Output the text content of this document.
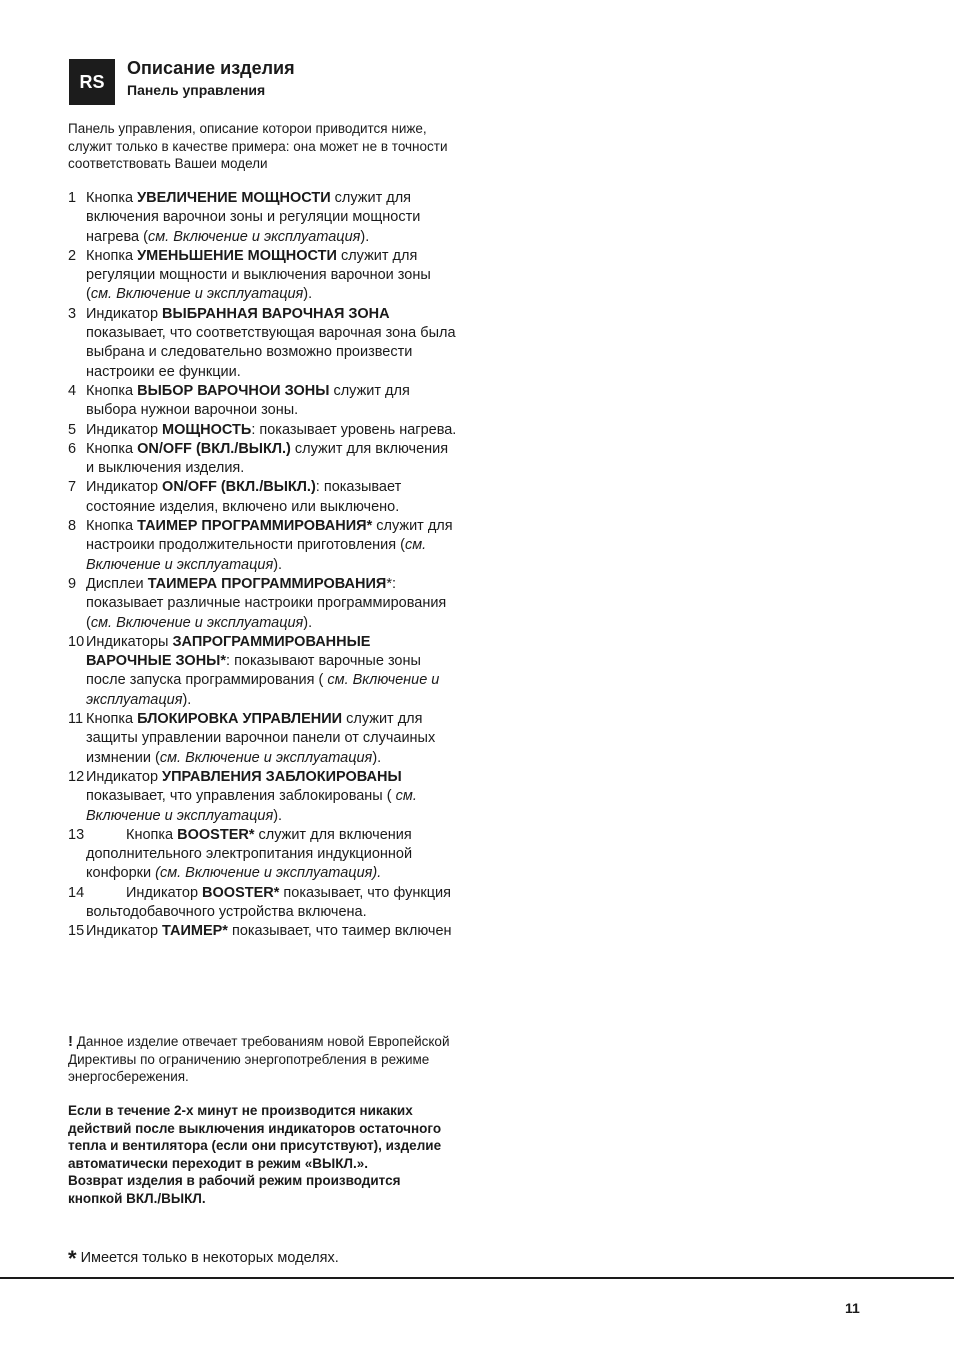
RS
Описание изделия
Панель управления
Панель управления, описание которои приводится ниже, служит только в качестве примера: она может не в точности соответствовать Вашеи модели
1 Кнопка УВЕЛИЧЕНИЕ МОЩНОСТИ служит для включения варочнои зоны и регуляции мощности нагрева (см. Включение и эксплуатация).
2 Кнопка УМЕНЬШЕНИЕ МОЩНОСТИ служит для регуляции мощности и выключения варочнои зоны (см. Включение и эксплуатация).
3 Индикатор ВЫБРАННАЯ ВАРОЧНАЯ ЗОНА показывает, что соответствующая варочная зона была выбрана и следовательно возможно произвести настроики ее функции.
4 Кнопка ВЫБОР ВАРОЧНОИ ЗОНЫ служит для выбора нужнои варочнои зоны.
5 Индикатор МОЩНОСТЬ: показывает уровень нагрева.
6 Кнопка ON/OFF (ВКЛ./ВЫКЛ.) служит для включения и выключения изделия.
7 Индикатор ON/OFF (ВКЛ./ВЫКЛ.): показывает состояние изделия, включено или выключено.
8 Кнопка ТАИМЕР ПРОГРАММИРОВАНИЯ* служит для настроики продолжительности приготовления (см. Включение и эксплуатация).
9 Дисплеи ТАИМЕРА ПРОГРАММИРОВАНИЯ*: показывает различные настроики программирования (см. Включение и эксплуатация).
10 Индикаторы ЗАПРОГРАММИРОВАННЫЕ ВАРОЧНЫЕ ЗОНЫ*: показывают варочные зоны после запуска программирования ( см. Включение и эксплуатация).
11 Кнопка БЛОКИРОВКА УПРАВЛЕНИИ служит для защиты управлении варочнои панели от случаиных измнении (см. Включение и эксплуатация).
12 Индикатор УПРАВЛЕНИЯ ЗАБЛОКИРОВАНЫ показывает, что управления заблокированы ( см. Включение и эксплуатация).
13	Кнопка BOOSTER* служит для включения дополнительного электропитания индукционной конфорки (см. Включение и эксплуатация).
14	Индикатор BOOSTER* показывает, что функция вольтодобавочного устройства включена.
15 Индикатор ТАИМЕР* показывает, что таимер включен
! Данное изделие отвечает требованиям новой Европейской Директивы по ограничению энергопотребления в режиме энергосбережения.
Если в течение 2-х минут не производится никаких действий после выключения индикаторов остаточного тепла и вентилятора (если они присутствуют), изделие автоматически переходит в режим «ВЫКЛ.».
Возврат изделия в рабочий режим производится кнопкой ВКЛ./ВЫКЛ.
* Имеется только в некоторых моделях.
11
